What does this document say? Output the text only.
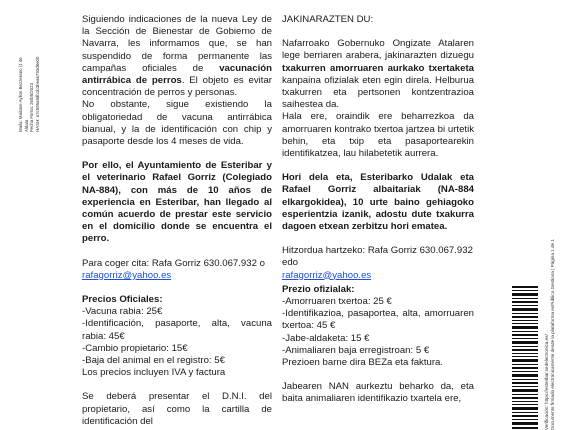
Maila: Maitane Ayllon Bezzerano (1 de Aldaia Fecha Firma: 26/05/2023 HASH: a7c595a9db1b3bea6793d8e00

Siguiendo indicaciones de la nueva Ley de la Sección de Bienestar de Gobierno de Navarra, les informamos que, se han suspendido de forma permanente las campañas oficiales de vacunación antirrábica de perros. El objeto es evitar concentración de perros y personas.

No obstante, sigue existiendo la obligatoriedad de vacuna antirrábica bianual, y la de identificación con chip y pasaporte desde los 4 meses de vida.

Por ello, el Ayuntamiento de Esteribar y el veterinario Rafael Gorriz (Colegiado NA-884), con más de 10 años de experiencia en Esteribar, han llegado al común acuerdo de prestar este servicio en el domicilio donde se encuentra el perro.

Para coger cita: Rafa Gorriz 630.067.932 o

rafagorriz@yahoo.es

Precios Oficiales:

-Vacuna rabia: 25€

-Identificación, pasaporte, alta, vacuna rabia: 45€

-Cambio propietario: 15€

-Baja del animal en el registro: 5€

Los precios incluyen IVA y factura

Se deberá presentar el D.N.I. del propietario, así como la cartilla de identificación del

JAKINARAZTEN DU:

Nafarroako Gobernuko Ongizate Atalaren lege berriaren arabera, jakinarazten dizuegu txakurren amorruaren aurkako txertaketa kanpaina ofizialak eten egin direla. Helburua txakurren eta pertsonen kontzentrazioa saihestea da.

Hala ere, oraindik ere beharrezkoa da amorruaren kontrako txertoa jartzea bi urtetik behin, eta txip eta pasaportearekin identifikatzea, lau hilabetetik aurrera.

Hori dela eta, Esteribarko Udalak eta Rafael Gorriz albaitariak (NA-884 elkargokidea), 10 urte baino gehiagoko esperientzia izanik, adostu dute txakurra dagoen etxean zerbitzu hori ematea.

Hitzordua hartzeko: Rafa Gorriz 630.067.932 edo

rafagorriz@yahoo.es

Prezio ofizialak:

-Amorruaren txertoa: 25 €

-Identifikazioa, pasaportea, alta, amorruaren txertoa: 45 €

-Jabe-aldaketa: 15 €

-Animaliaren baja erregistroan: 5 €

Prezioen barne dira BEZa eta faktura.

Jabearen NAN aurkeztu beharko da, eta baita animaliaren identifikazio txartela ere,	Verificación: https://esteribar.sedelectronica.es/ Documento firmado electrónicamente desde la plataforma esPublico Gestiona | Página 1 de 1
